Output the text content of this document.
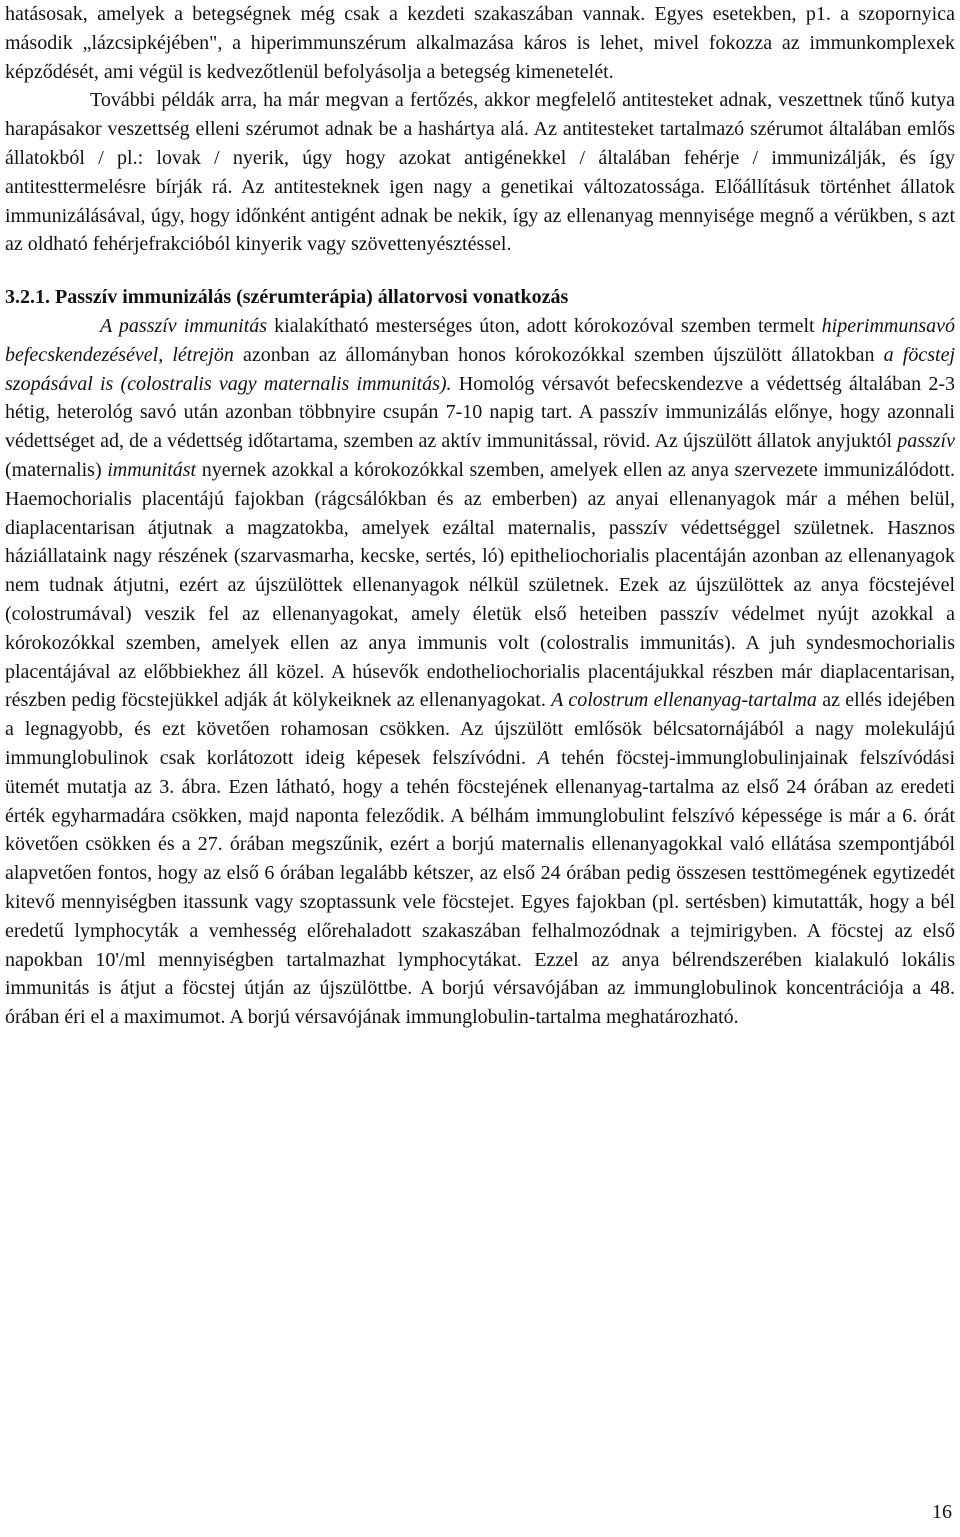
hatásosak, amelyek a betegségnek még csak a kezdeti szakaszában vannak. Egyes esetekben, p1. a szopornyica második „lázcsipkéjében", a hiperimmunszérum alkalmazása káros is lehet, mivel fokozza az immunkomplexek képződését, ami végül is kedvezőtlenül befolyásolja a betegség kimenetelét.

További példák arra, ha már megvan a fertőzés, akkor megfelelő antitesteket adnak, veszettnek tűnő kutya harapásakor veszettség elleni szérumot adnak be a hashártya alá. Az antitesteket tartalmazó szérumot általában emlős állatokból / pl.: lovak / nyerik, úgy hogy azokat antigénekkel / általában fehérje / immunizálják, és így antitesttermelésre bírják rá. Az antitesteknek igen nagy a genetikai változatossága. Előállításuk történhet állatok immunizálásával, úgy, hogy időnként antigént adnak be nekik, így az ellenanyag mennyisége megnő a vérükben, s azt az oldható fehérjefrakcióból kinyerik vagy szövettenyésztéssel.

3.2.1. Passzív immunizálás (szérumterápia) állatorvosi vonatkozás

A passzív immunitás kialakítható mesterséges úton, adott kórokozóval szemben termelt hiperimmunsavó befecskendezésével, létrejön azonban az állományban honos kórokozókkal szemben újszülött állatokban a föcstej szopásával is (colostralis vagy maternalis immunitás). Homológ vérsavót befecskendezve a védettség általában 2-3 hétig, heterológ savó után azonban többnyire csupán 7-10 napig tart. A passzív immunizálás előnye, hogy azonnali védettséget ad, de a védettség időtartama, szemben az aktív immunitással, rövid. Az újszülött állatok anyjuktól passzív (maternalis) immunitást nyernek azokkal a kórokozókkal szemben, amelyek ellen az anya szervezete immunizálódott. Haemochorialis placentájú fajokban (rágcsálókban és az emberben) az anyai ellenanyagok már a méhen belül, diaplacentarisan átjutnak a magzatokba, amelyek ezáltal maternalis, passzív védettséggel születnek. Hasznos háziállataink nagy részének (szarvasmarha, kecske, sertés, ló) epitheliochorialis placentáján azonban az ellenanyagok nem tudnak átjutni, ezért az újszülöttek ellenanyagok nélkül születnek. Ezek az újszülöttek az anya föcstejével (colostrumával) veszik fel az ellenanyagokat, amely életük első heteiben passzív védelmet nyújt azokkal a kórokozókkal szemben, amelyek ellen az anya immunis volt (colostralis immunitás). A juh syndesmochorialis placentájával az előbbiekhez áll közel. A húsevők endotheliochorialis placentájukkal részben már diaplacentarisan, részben pedig föcstejükkel adják át kölykeiknek az ellenanyagokat. A colostrum ellenanyag-tartalma az ellés idejében a legnagyobb, és ezt követően rohamosan csökken. Az újszülött emlősök bélcsatornájából a nagy molekulájú immunglobulinok csak korlátozott ideig képesek felszívódni. A tehén föcstej-immunglobulinjainak felszívódási ütemét mutatja az 3. ábra. Ezen látható, hogy a tehén föcstejének ellenanyag-tartalma az első 24 órában az eredeti érték egyharmadára csökken, majd naponta feleződik. A bélhám immunglobulint felszívó képessége is már a 6. órát követően csökken és a 27. órában megszűnik, ezért a borjú maternalis ellenanyagokkal való ellátása szempontjából alapvetően fontos, hogy az első 6 órában legalább kétszer, az első 24 órában pedig összesen testtömegének egytizedét kitevő mennyiségben itassunk vagy szoptassunk vele föcstejet. Egyes fajokban (pl. sertésben) kimutatták, hogy a bél eredetű lymphocyták a vemhesség előrehaladott szakaszában felhalmozódnak a tejmirigyben. A föcstej az első napokban 10'/ml mennyiségben tartalmazhat lymphocytákat. Ezzel az anya bélrendszerében kialakuló lokális immunitás is átjut a föcstej útján az újszülöttbe. A borjú vérsavójában az immunglobulinok koncentrációja a 48. órában éri el a maximumot. A borjú vérsavójának immunglobulin-tartalma meghatározható.

16
